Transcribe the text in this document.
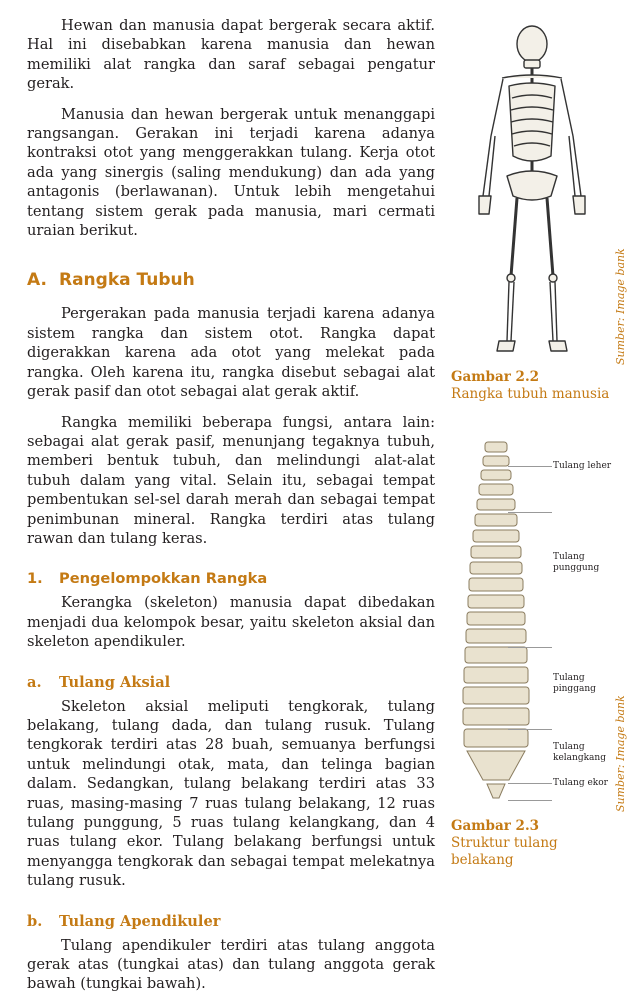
Hewan dan manusia dapat bergerak secara aktif. Hal ini disebabkan karena manusia dan hewan memiliki alat rangka dan saraf sebagai pengatur gerak.

Manusia dan hewan bergerak untuk menanggapi rangsangan. Gerakan ini terjadi karena adanya kontraksi otot yang menggerakkan tulang. Kerja otot ada yang sinergis (saling mendukung) dan ada yang antagonis (berlawanan). Untuk lebih mengetahui tentang sistem gerak pada manusia, mari cermati uraian berikut.

A. Rangka Tubuh

Pergerakan pada manusia terjadi karena adanya sistem rangka dan sistem otot. Rangka dapat digerakkan karena ada otot yang melekat pada rangka. Oleh karena itu, rangka disebut sebagai alat gerak pasif dan otot sebagai alat gerak aktif.

Rangka memiliki beberapa fungsi, antara lain: sebagai alat gerak pasif, menunjang tegaknya tubuh, memberi bentuk tubuh, dan melindungi alat-alat tubuh dalam yang vital. Selain itu, sebagai tempat pembentukan sel-sel darah merah dan sebagai tempat penimbunan mineral. Rangka terdiri atas tulang rawan dan tulang keras.

1.	Pengelompokkan Rangka

Kerangka (skeleton) manusia dapat dibedakan menjadi dua kelompok besar, yaitu skeleton aksial dan skeleton apendikuler.

a.	Tulang Aksial

Skeleton aksial meliputi tengkorak, tulang belakang, tulang dada, dan tulang rusuk. Tulang tengkorak terdiri atas 28 buah, semuanya berfungsi untuk melindungi otak, mata, dan telinga bagian dalam. Sedangkan, tulang belakang terdiri atas 33 ruas, masing-masing 7 ruas tulang belakang, 12 ruas tulang punggung, 5 ruas tulang kelangkang, dan 4 ruas tulang ekor. Tulang belakang berfungsi untuk menyangga tengkorak dan sebagai tempat melekatnya tulang rusuk.

b.	Tulang Apendikuler

Tulang apendikuler terdiri atas tulang anggota gerak atas (tungkai atas) dan tulang anggota gerak bawah (tungkai bawah).

Gambar 2.2
Rangka tubuh manusia
Sumber: Image bank
Tulang leher
Tulang punggung
Tulang pinggang
Tulang kelangkang
Tulang ekor
Gambar 2.3
Struktur tulang belakang
Sumber: Image bank
